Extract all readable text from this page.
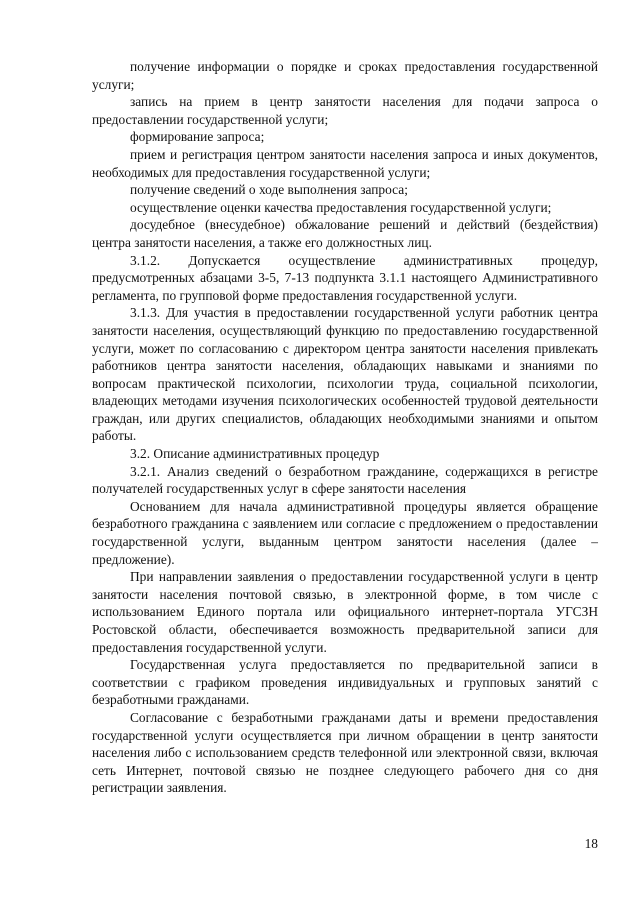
получение информации о порядке и сроках предоставления государственной услуги;

запись на прием в центр занятости населения для подачи запроса о предоставлении государственной услуги;

формирование запроса;

прием и регистрация центром занятости населения запроса и иных документов, необходимых для предоставления государственной услуги;

получение сведений о ходе выполнения запроса;

осуществление оценки качества предоставления государственной услуги;

досудебное (внесудебное) обжалование решений и действий (бездействия) центра занятости населения, а также его должностных лиц.

3.1.2. Допускается осуществление административных процедур, предусмотренных абзацами 3-5, 7-13 подпункта 3.1.1 настоящего Административного регламента, по групповой форме предоставления государственной услуги.

3.1.3. Для участия в предоставлении государственной услуги работник центра занятости населения, осуществляющий функцию по предоставлению государственной услуги, может по согласованию с директором центра занятости населения привлекать работников центра занятости населения, обладающих навыками и знаниями по вопросам практической психологии, психологии труда, социальной психологии, владеющих методами изучения психологических особенностей трудовой деятельности граждан, или других специалистов, обладающих необходимыми знаниями и опытом работы.

3.2. Описание административных процедур

3.2.1. Анализ сведений о безработном гражданине, содержащихся в регистре получателей государственных услуг в сфере занятости населения

Основанием для начала административной процедуры является обращение безработного гражданина с заявлением или согласие с предложением о предоставлении государственной услуги, выданным центром занятости населения (далее – предложение).

При направлении заявления о предоставлении государственной услуги в центр занятости населения почтовой связью, в электронной форме, в том числе с использованием Единого портала или официального интернет-портала УГСЗН Ростовской области, обеспечивается возможность предварительной записи для предоставления государственной услуги.

Государственная услуга предоставляется по предварительной записи в соответствии с графиком проведения индивидуальных и групповых занятий с безработными гражданами.

Согласование с безработными гражданами даты и времени предоставления государственной услуги осуществляется при личном обращении в центр занятости населения либо с использованием средств телефонной или электронной связи, включая сеть Интернет, почтовой связью не позднее следующего рабочего дня со дня регистрации заявления.

18
